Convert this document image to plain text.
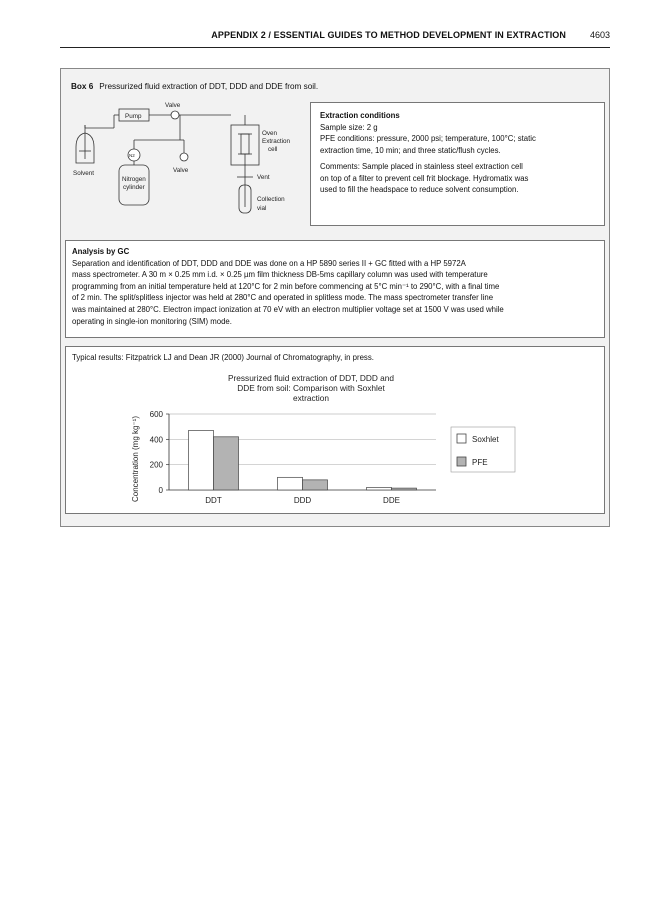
APPENDIX 2 / ESSENTIAL GUIDES TO METHOD DEVELOPMENT IN EXTRACTION	4603
Box 6 Pressurized fluid extraction of DDT, DDD and DDE from soil.
Valve
Pump
Oven
Extraction
cell
Solvent	Valve
N2
Nitrogen
cylinder
Vent
Collection
vial

Extraction conditions

Sample size: 2 g

PFE conditions: pressure, 2000 psi; temperature, 100°C; static

extraction time, 10 min; and three static/flush cycles.

Comments: Sample placed in stainless steel extraction cell

on top of a filter to prevent cell frit blockage. Hydromatix was

used to fill the headspace to reduce solvent consumption.

Analysis by GC

Separation and identification of DDT, DDD and DDE was done on a HP 5890 series II + GC fitted with a HP 5972A

mass spectrometer. A 30 m × 0.25 mm i.d. × 0.25 µm film thickness DB-5ms capillary column was used with temperature

programming from an initial temperature held at 120°C for 2 min before commencing at 5°C min⁻¹ to 290°C, with a final time

of 2 min. The split/splitless injector was held at 280°C and operated in splitless mode. The mass spectrometer transfer line

was maintained at 280°C. Electron impact ionization at 70 eV with an electron multiplier voltage set at 1500 V was used while

operating in single-ion monitoring (SIM) mode.

Typical results: Fitzpatrick LJ and Dean JR (2000) Journal of Chromatography, in press.
Pressurized fluid extraction of DDT, DDD and
DDE from soil: Comparison with Soxhlet
extraction
Concentration (mg kg⁻¹) 0
200
400
600
DDT	DDD	DDE
Soxhlet
PFE
